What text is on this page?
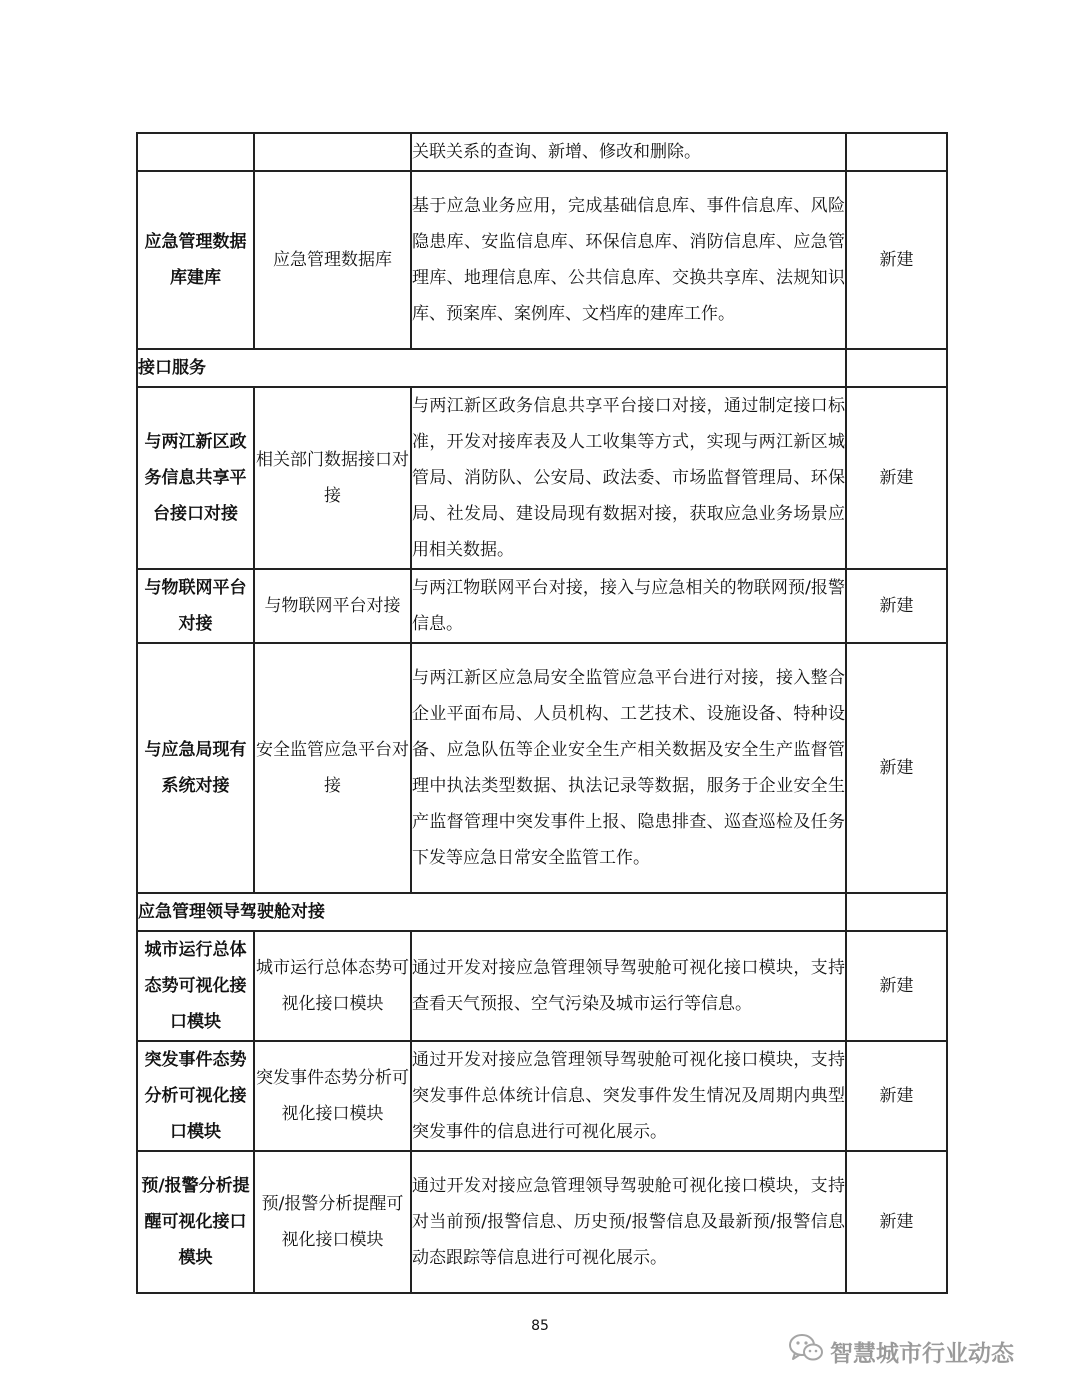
		关联关系的查询、新增、修改和删除。	
应急管理数据库建库	应急管理数据库	基于应急业务应用，完成基础信息库、事件信息库、风险隐患库、安监信息库、环保信息库、消防信息库、应急管理库、地理信息库、公共信息库、交换共享库、法规知识库、预案库、案例库、文档库的建库工作。	新建
接口服务			
与两江新区政务信息共享平台接口对接	相关部门数据接口对接	与两江新区政务信息共享平台接口对接，通过制定接口标准，开发对接库表及人工收集等方式，实现与两江新区城管局、消防队、公安局、政法委、市场监督管理局、环保局、社发局、建设局现有数据对接，获取应急业务场景应用相关数据。	新建
与物联网平台对接	与物联网平台对接	与两江物联网平台对接，接入与应急相关的物联网预/报警信息。	新建
与应急局现有系统对接	安全监管应急平台对接	与两江新区应急局安全监管应急平台进行对接，接入整合企业平面布局、人员机构、工艺技术、设施设备、特种设备、应急队伍等企业安全生产相关数据及安全生产监督管理中执法类型数据、执法记录等数据，服务于企业安全生产监督管理中突发事件上报、隐患排查、巡查巡检及任务下发等应急日常安全监管工作。	新建
应急管理领导驾驶舱对接			
城市运行总体态势可视化接口模块	城市运行总体态势可视化接口模块	通过开发对接应急管理领导驾驶舱可视化接口模块，支持查看天气预报、空气污染及城市运行等信息。	新建
突发事件态势分析可视化接口模块	突发事件态势分析可视化接口模块	通过开发对接应急管理领导驾驶舱可视化接口模块，支持突发事件总体统计信息、突发事件发生情况及周期内典型突发事件的信息进行可视化展示。	新建
预/报警分析提醒可视化接口模块	预/报警分析提醒可视化接口模块	通过开发对接应急管理领导驾驶舱可视化接口模块，支持对当前预/报警信息、历史预/报警信息及最新预/报警信息动态跟踪等信息进行可视化展示。	新建
85
智慧城市行业动态
